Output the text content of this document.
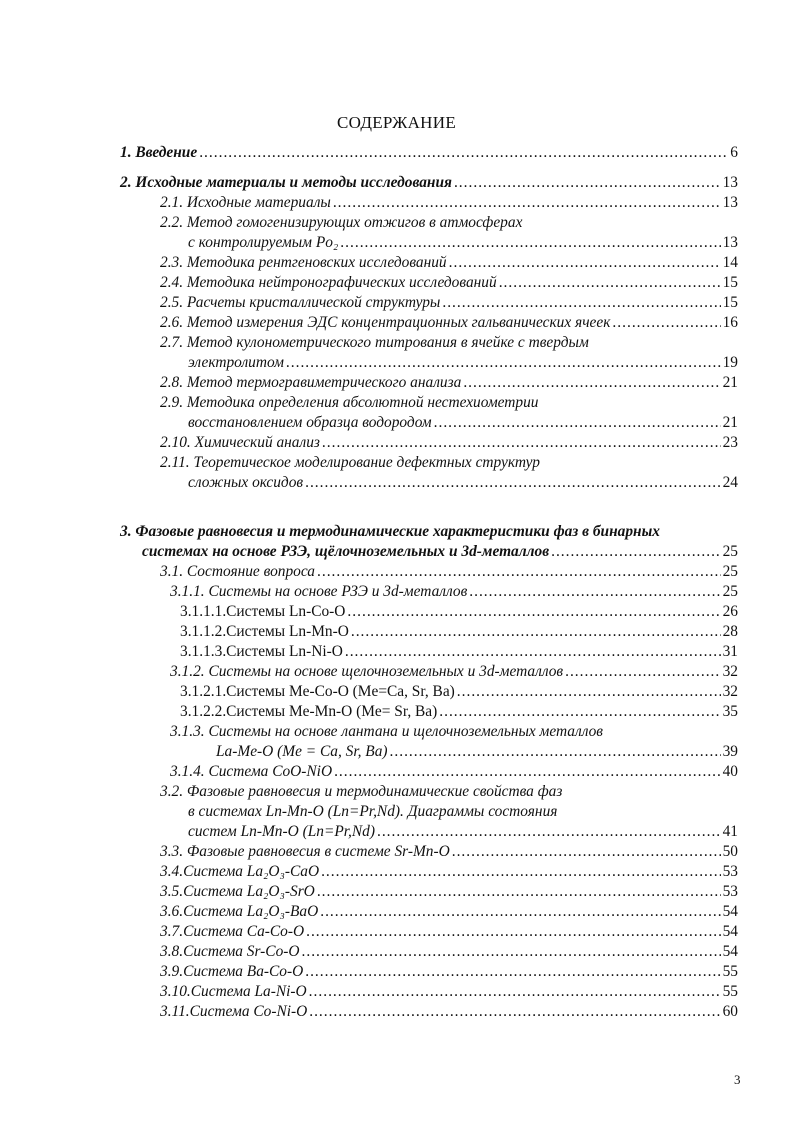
СОДЕРЖАНИЕ
1. Введение .....	6
2. Исходные материалы и методы исследования .....	13
2.1. Исходные материалы .....	13
2.2. Метод гомогенизирующих отжигов в атмосферах
с контролируемым Po₂ .....	13
2.3. Методика рентгеновских исследований .....	14
2.4. Методика нейтронографических исследований .....	15
2.5. Расчеты кристаллической структуры .....	15
2.6. Метод измерения ЭДС концентрационных гальванических ячеек .....	16
2.7. Метод кулонометрического титрования в ячейке с твердым
электролитом .....	19
2.8. Метод термогравиметрического анализа .....	21
2.9. Методика определения абсолютной нестехиометрии
восстановлением образца водородом .....	21
2.10. Химический анализ .....	23
2.11. Теоретическое моделирование дефектных структур
сложных оксидов .....	24
3. Фазовые равновесия и термодинамические характеристики фаз в бинарных
системах на основе РЗЭ, щёлочноземельных и 3d-металлов .....	25
3.1. Состояние вопроса .....	25
3.1.1. Системы на основе РЗЭ и 3d-металлов .....	25
3.1.1.1.Системы Ln-Co-O .....	26
3.1.1.2.Системы Ln-Mn-O .....	28
3.1.1.3.Системы Ln-Ni-O .....	31
3.1.2. Системы на основе щелочноземельных и 3d-металлов .....	32
3.1.2.1.Системы Me-Co-O (Me=Ca, Sr, Ba) .....	32
3.1.2.2.Системы Me-Mn-O (Me= Sr, Ba) .....	35
3.1.3. Системы на основе лантана и щелочноземельных металлов
La-Me-O (Me = Ca, Sr, Ba) .....	39
3.1.4. Система CoO-NiO .....	40
3.2. Фазовые равновесия и термодинамические свойства фаз
в системах Ln-Mn-O (Ln=Pr,Nd). Диаграммы состояния
систем Ln-Mn-O (Ln=Pr,Nd) .....	41
3.3. Фазовые равновесия в системе Sr-Mn-O .....	50
3.4.Система La₂O₃-CaO .....	53
3.5.Система La₂O₃-SrO .....	53
3.6.Система La₂O₃-BaO .....	54
3.7.Система Ca-Co-O .....	54
3.8.Система Sr-Co-O .....	54
3.9.Система Ba-Co-O .....	55
3.10.Система La-Ni-O .....	55
3.11.Система Co-Ni-O .....	60
3
